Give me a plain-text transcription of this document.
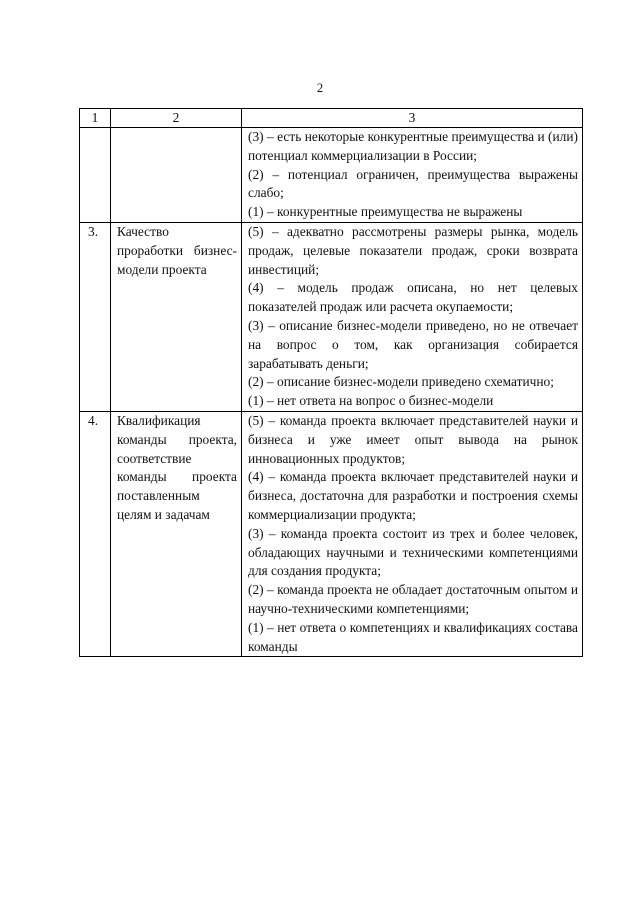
2
1	2	3

		(3) – есть некоторые конкурентные преимущества и (или) потенциал коммерциализации в России;
(2) – потенциал ограничен, преимущества выражены слабо;
(1) – конкурентные преимущества не выражены

3.	Качество проработки бизнес-модели проекта	(5) – адекватно рассмотрены размеры рынка, модель продаж, целевые показатели продаж, сроки возврата инвестиций;
(4) – модель продаж описана, но нет целевых показателей продаж или расчета окупаемости;
(3) – описание бизнес-модели приведено, но не отвечает на вопрос о том, как организация собирается зарабатывать деньги;
(2) – описание бизнес-модели приведено схематично;
(1) – нет ответа на вопрос о бизнес-модели

4.	Квалификация команды проекта, соответствие команды проекта поставленным целям и задачам	(5) – команда проекта включает представителей науки и бизнеса и уже имеет опыт вывода на рынок инновационных продуктов;
(4) – команда проекта включает представителей науки и бизнеса, достаточна для разработки и построения схемы коммерциализации продукта;
(3) – команда проекта состоит из трех и более человек, обладающих научными и техническими компетенциями для создания продукта;
(2) – команда проекта не обладает достаточным опытом и научно-техническими компетенциями;
(1) – нет ответа о компетенциях и квалификациях состава команды
